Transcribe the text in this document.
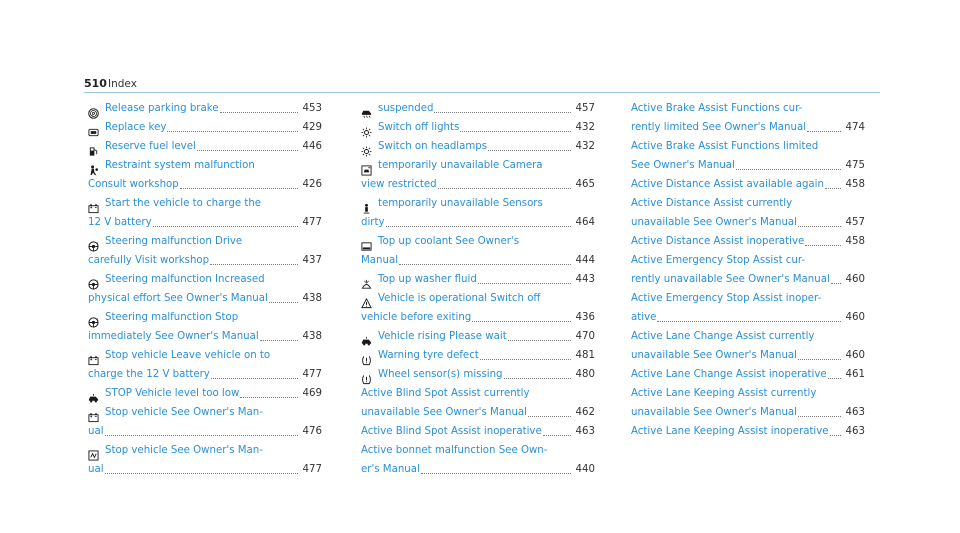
510 Index
P
Release parking brake	453
Replace key	429
Reserve fuel level	446
Restraint system malfunction
Consult workshop	426
Start the vehicle to charge the
12 V battery	477
! Steering malfunction Drive
carefully Visit workshop	437
! Steering malfunction Increased
physical effort See Owner's Manual	438
! Steering malfunction Stop
immediately See Owner's Manual	438
Stop vehicle Leave vehicle on to
charge the 12 V battery	477
STOP Vehicle level too low	469
Stop vehicle See Owner's Man-
ual	476
Stop vehicle See Owner's Man-
ual	477
suspended	457
Switch off lights	432
Switch on headlamps	432
temporarily unavailable Camera
view restricted	465
temporarily unavailable Sensors
dirty	464
Top up coolant See Owner's
Manual	444
Top up washer fluid	443
Vehicle is operational Switch off
vehicle before exiting	436
Vehicle rising Please wait	470
Warning tyre defect	481
Wheel sensor(s) missing	480
Active Blind Spot Assist currently
unavailable See Owner's Manual	462
Active Blind Spot Assist inoperative	463
Active bonnet malfunction See Own-
er's Manual	440
Active Brake Assist Functions cur-
rently limited See Owner's Manual	474
Active Brake Assist Functions limited
See Owner's Manual	475
Active Distance Assist available again 458
Active Distance Assist currently
unavailable See Owner's Manual	457
Active Distance Assist inoperative	458
Active Emergency Stop Assist cur-
rently unavailable See Owner's Manual 460
Active Emergency Stop Assist inoper-
ative	460
Active Lane Change Assist currently
unavailable See Owner's Manual	460
Active Lane Change Assist inoperative 461
Active Lane Keeping Assist currently
unavailable See Owner's Manual	463
Active Lane Keeping Assist inoperative 463
